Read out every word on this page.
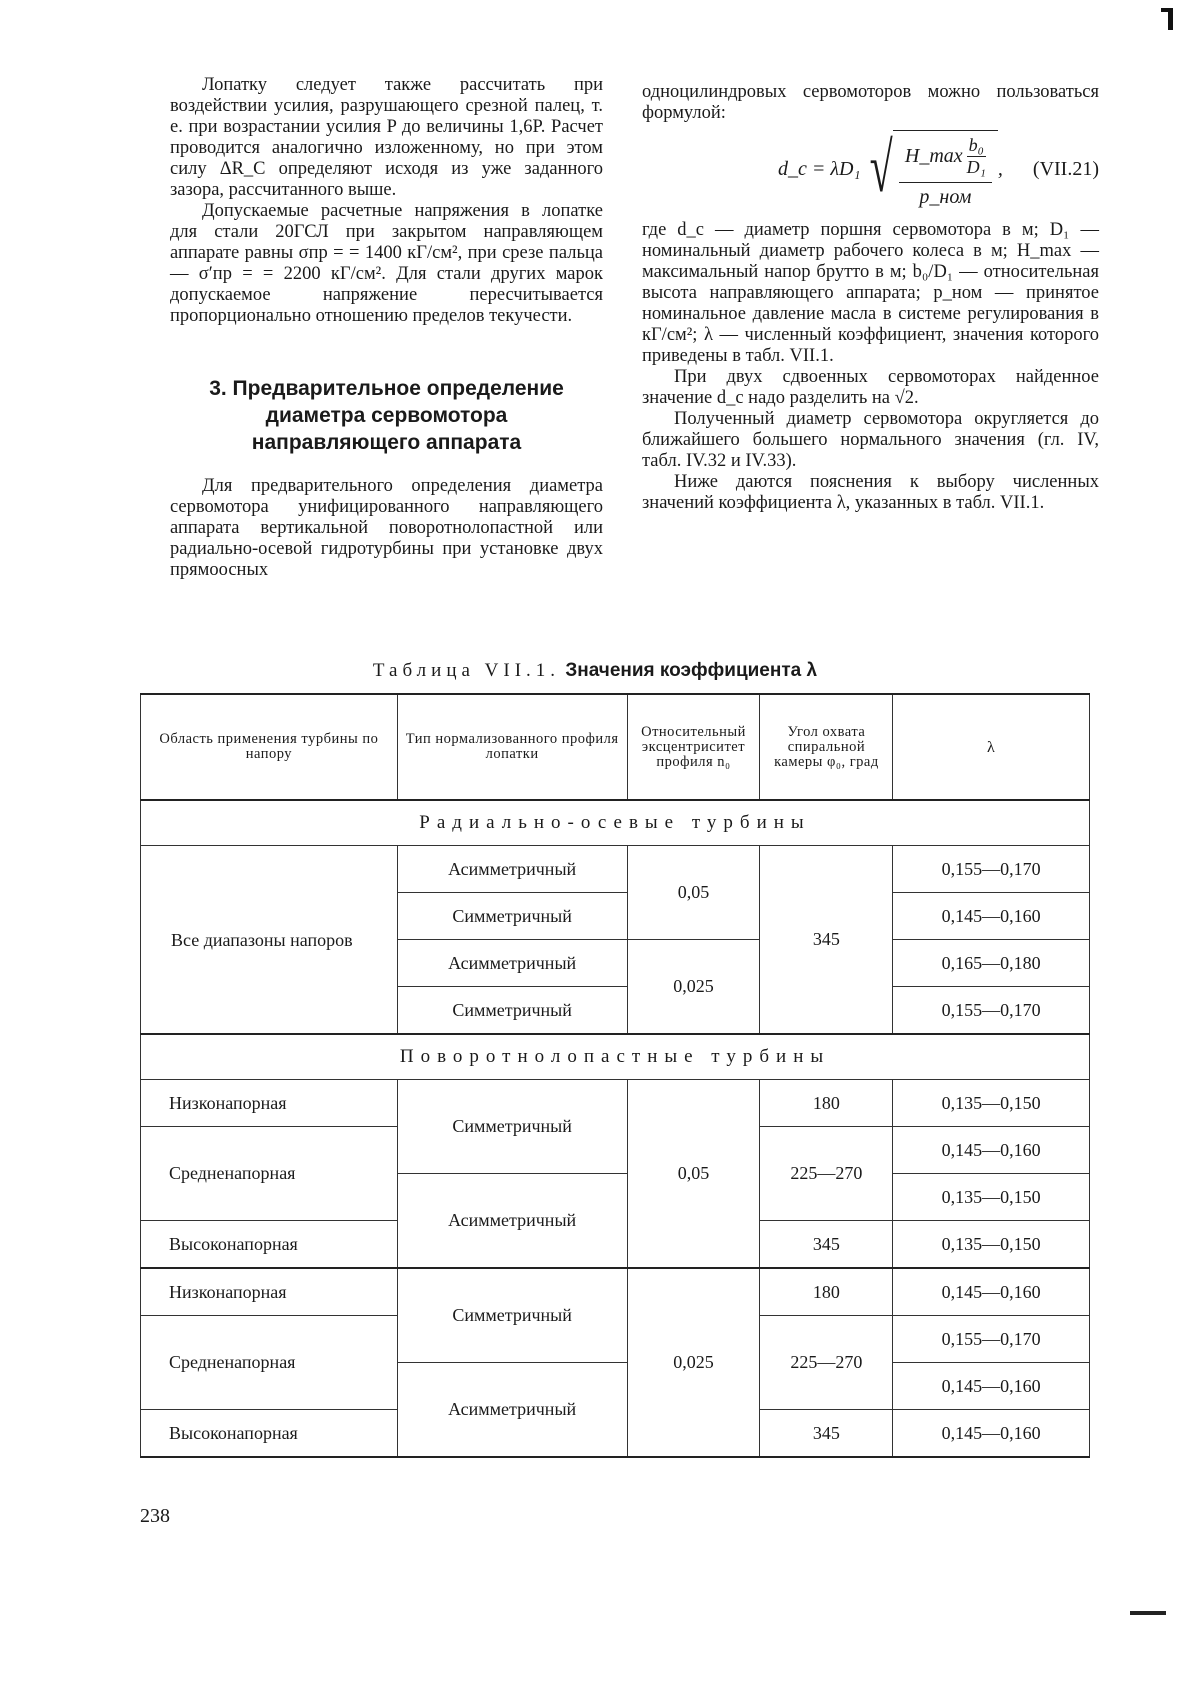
Лопатку следует также рассчитать при воздействии усилия, разрушающего срезной палец, т. е. при возрастании усилия P до величины 1,6P. Расчет проводится аналогично изложенному, но при этом силу ΔR_C определяют исходя из уже заданного зазора, рассчитанного выше.

Допускаемые расчетные напряжения в лопатке для стали 20ГСЛ при закрытом направляющем аппарате равны σпр = = 1400 кГ/см², при срезе пальца — σ′пр = = 2200 кГ/см². Для стали других марок допускаемое напряжение пересчитывается пропорционально отношению пределов текучести.

3. Предварительное определение
диаметра сервомотора
направляющего аппарата

Для предварительного определения диаметра сервомотора унифицированного направляющего аппарата вертикальной поворотнолопастной или радиально-осевой гидротурбины при установке двух прямоосных

одноцилиндровых сервомоторов можно пользоваться формулой:

d_c = λD₁ √ $\frac{H\_\max \frac{\text{b₀}}{\text{D₁}}}{\text{p\_ном}}$ , (VII.21)

где d_c — диаметр поршня сервомотора в м; D₁ — номинальный диаметр рабочего колеса в м; H_max — максимальный напор брутто в м; b₀/D₁ — относительная высота направляющего аппарата; p_ном — принятое номинальное давление масла в системе регулирования в кГ/см²; λ — численный коэффициент, значения которого приведены в табл. VII.1.

При двух сдвоенных сервомоторах найденное значение d_c надо разделить на √2.

Полученный диаметр сервомотора округляется до ближайшего большего нормального значения (гл. IV, табл. IV.32 и IV.33).

Ниже даются пояснения к выбору численных значений коэффициента λ, указанных в табл. VII.1.

Таблица VII.1. Значения коэффициента λ
Область применения турбины по напору	Тип нормализованного профиля лопатки	Относительный эксцентриситет профиля n₀	Угол охвата спиральной камеры φ₀, град	λ
Радиально-осевые турбины				
Все диапазоны напоров	Асимметричный	0,05	345	0,155—0,170
	Симметричный			0,145—0,160
	Асимметричный	0,025		0,165—0,180
	Симметричный			0,155—0,170
Поворотнолопастные турбины				
Низконапорная	Симметричный	0,05	180	0,135—0,150
Средненапорная			225—270	0,145—0,160
	Асимметричный			0,135—0,150
Высоконапорная			345	0,135—0,150

Низконапорная	Симметричный	0,025	180	0,145—0,160
Средненапорная			225—270	0,155—0,170
	Асимметричный			0,145—0,160
Высоконапорная			345	0,145—0,160
238
